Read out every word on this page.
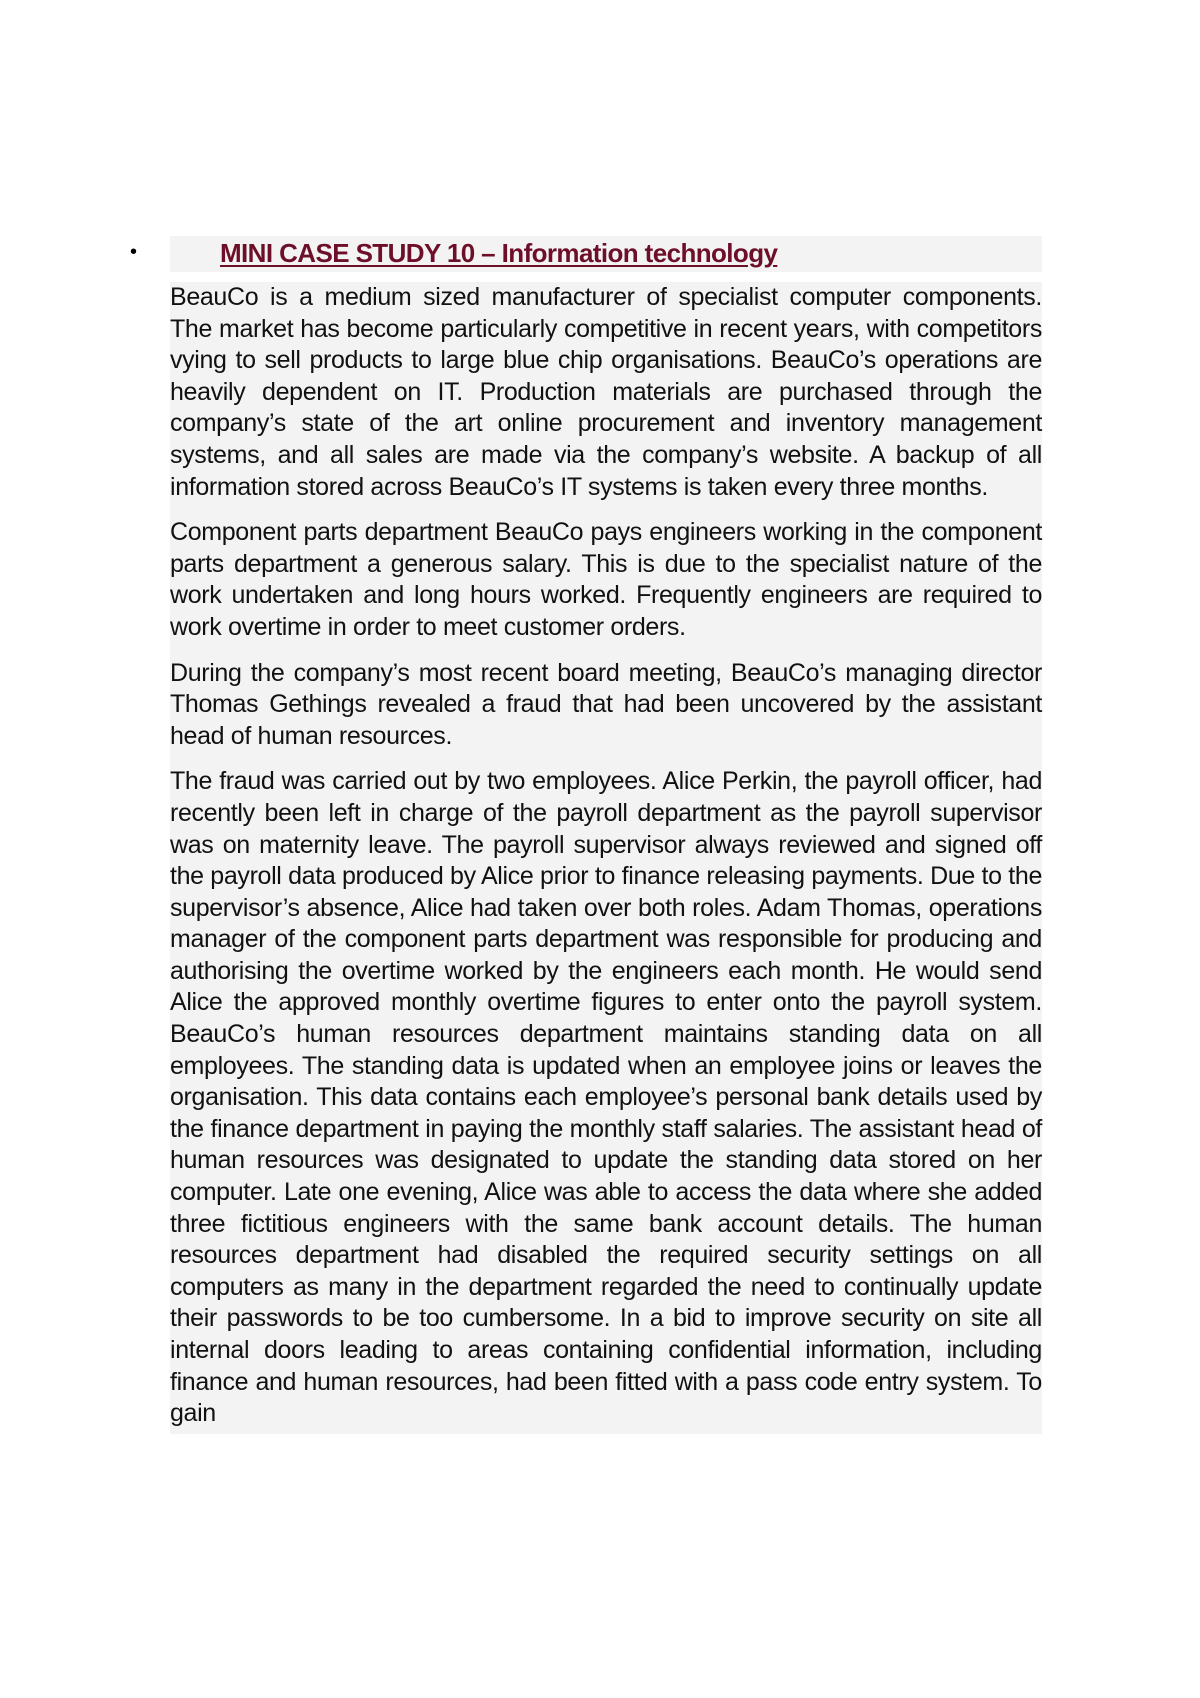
•	MINI CASE STUDY 10 – Information technology

BeauCo is a medium sized manufacturer of specialist computer components. The market has become particularly competitive in recent years, with competitors vying to sell products to large blue chip organisations. BeauCo’s operations are heavily dependent on IT. Production materials are purchased through the company’s state of the art online procurement and inventory management systems, and all sales are made via the company’s website. A backup of all information stored across BeauCo’s IT systems is taken every three months.

Component parts department BeauCo pays engineers working in the component parts department a generous salary. This is due to the specialist nature of the work undertaken and long hours worked. Frequently engineers are required to work overtime in order to meet customer orders.

During the company’s most recent board meeting, BeauCo’s managing director Thomas Gethings revealed a fraud that had been uncovered by the assistant head of human resources.

The fraud was carried out by two employees. Alice Perkin, the payroll officer, had recently been left in charge of the payroll department as the payroll supervisor was on maternity leave. The payroll supervisor always reviewed and signed off the payroll data produced by Alice prior to finance releasing payments. Due to the supervisor’s absence, Alice had taken over both roles. Adam Thomas, operations manager of the component parts department was responsible for producing and authorising the overtime worked by the engineers each month. He would send Alice the approved monthly overtime figures to enter onto the payroll system. BeauCo’s human resources department maintains standing data on all employees. The standing data is updated when an employee joins or leaves the organisation. This data contains each employee’s personal bank details used by the finance department in paying the monthly staff salaries. The assistant head of human resources was designated to update the standing data stored on her computer. Late one evening, Alice was able to access the data where she added three fictitious engineers with the same bank account details. The human resources department had disabled the required security settings on all computers as many in the department regarded the need to continually update their passwords to be too cumbersome. In a bid to improve security on site all internal doors leading to areas containing confidential information, including finance and human resources, had been fitted with a pass code entry system. To gain
